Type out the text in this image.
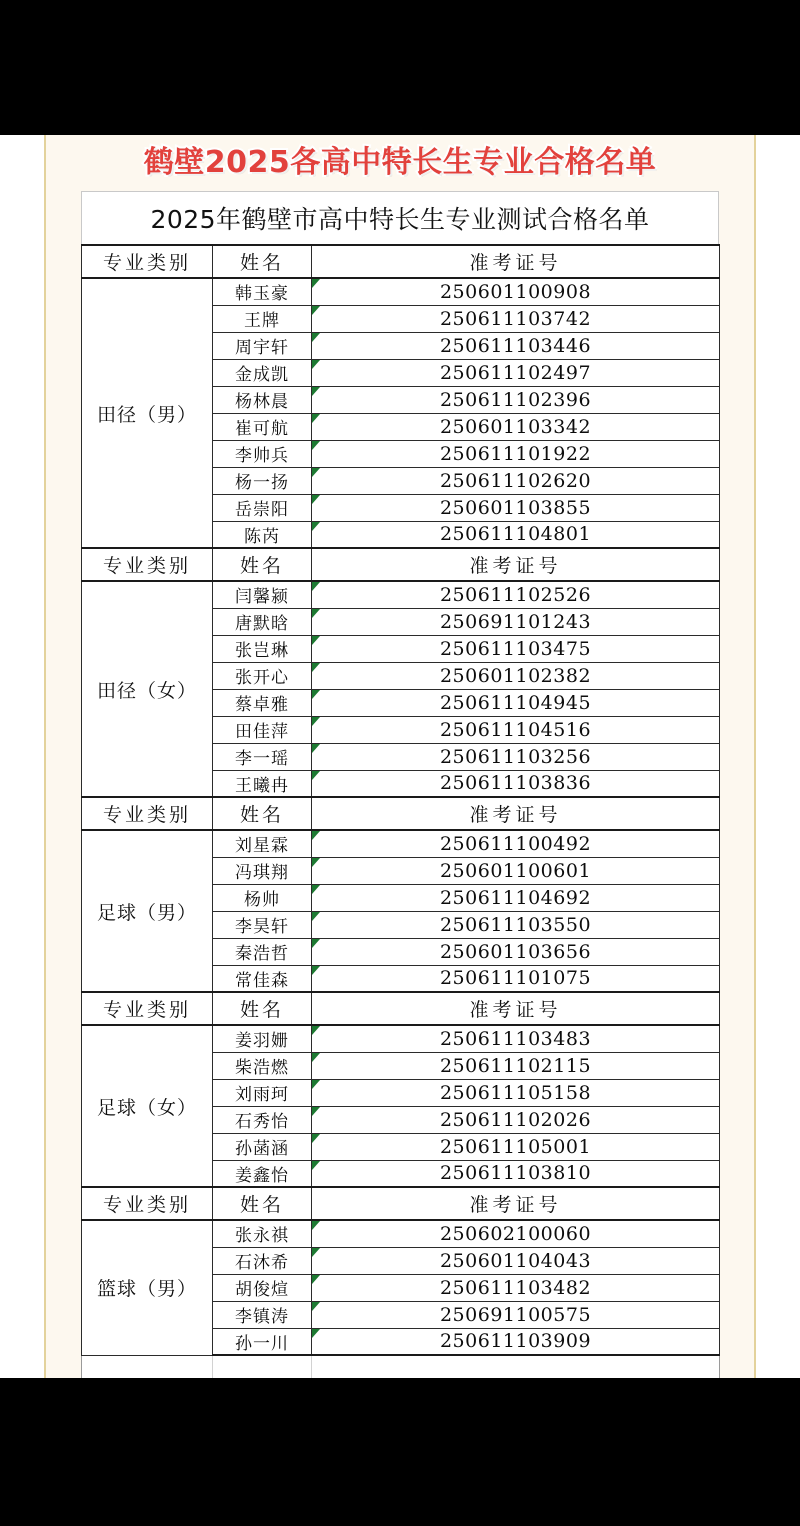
鹤壁2025各高中特长生专业合格名单
2025年鹤壁市高中特长生专业测试合格名单
专业类别	姓名	准考证号
田径（男）	韩玉豪	250601100908
	王牌	250611103742
	周宇轩	250611103446
	金成凯	250611102497
	杨林晨	250611102396
	崔可航	250601103342
	李帅兵	250611101922
	杨一扬	250611102620
	岳崇阳	250601103855
	陈芮	250611104801
专业类别	姓名	准考证号
田径（女）	闫馨颍	250611102526
	唐默晗	250691101243
	张岂琳	250611103475
	张开心	250601102382
	蔡卓雅	250611104945
	田佳萍	250611104516
	李一瑶	250611103256
	王曦冉	250611103836
专业类别	姓名	准考证号
足球（男）	刘星霖	250611100492
	冯琪翔	250601100601
	杨帅	250611104692
	李昊轩	250611103550
	秦浩哲	250601103656
	常佳森	250611101075
专业类别	姓名	准考证号
足球（女）	姜羽姗	250611103483
	柴浩燃	250611102115
	刘雨珂	250611105158
	石秀怡	250611102026
	孙菡涵	250611105001
	姜鑫怡	250611103810
专业类别	姓名	准考证号
篮球（男）	张永祺	250602100060
	石沐希	250601104043
	胡俊煊	250611103482
	李镇涛	250691100575
	孙一川	250611103909
